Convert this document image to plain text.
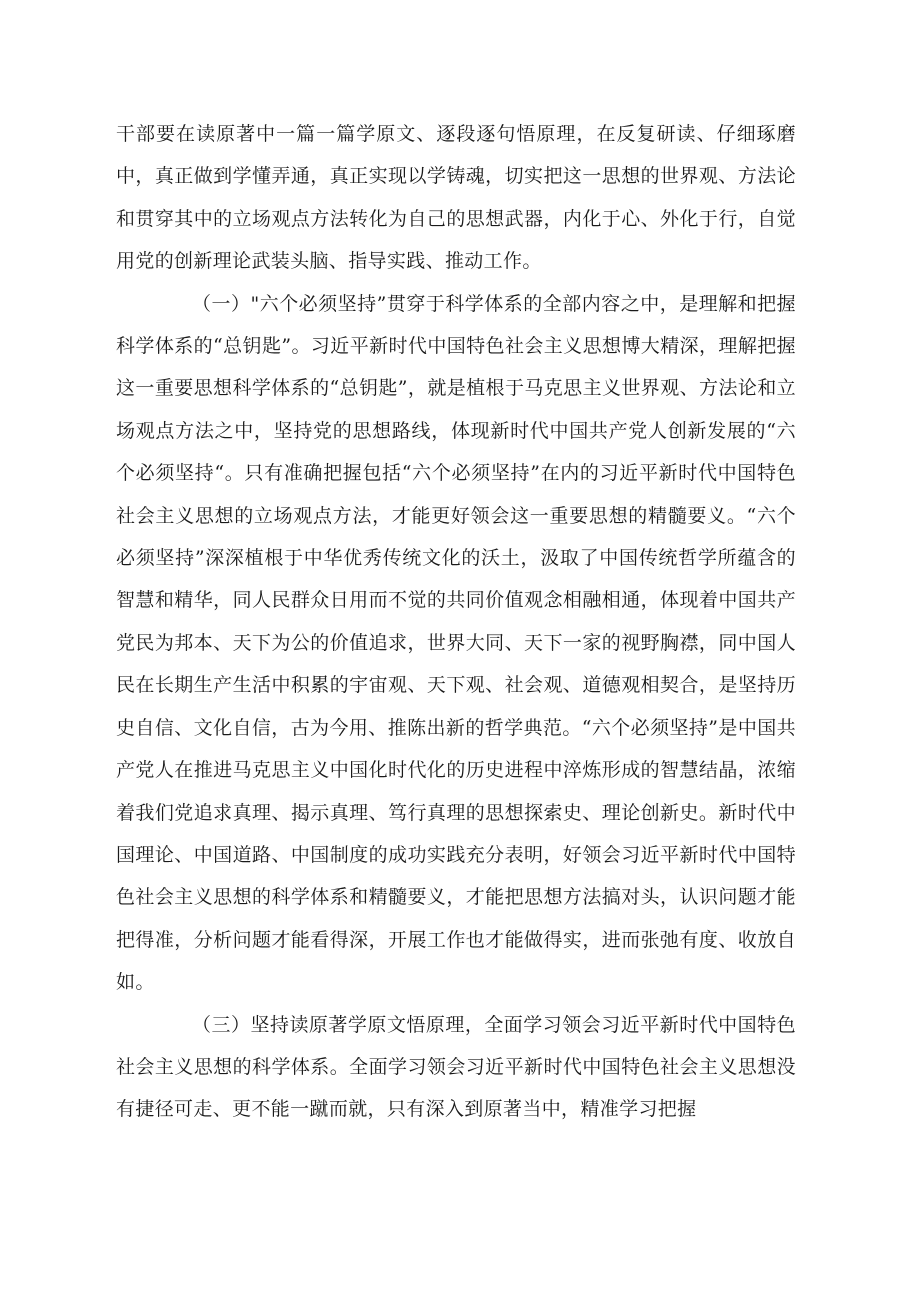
干部要在读原著中一篇一篇学原文、逐段逐句悟原理，在反复研读、仔细琢磨中，真正做到学懂弄通，真正实现以学铸魂，切实把这一思想的世界观、方法论和贯穿其中的立场观点方法转化为自己的思想武器，内化于心、外化于行，自觉用党的创新理论武装头脑、指导实践、推动工作。

（一）"六个必须坚持”贯穿于科学体系的全部内容之中，是理解和把握科学体系的“总钥匙”。习近平新时代中国特色社会主义思想博大精深，理解把握这一重要思想科学体系的“总钥匙”，就是植根于马克思主义世界观、方法论和立场观点方法之中，坚持党的思想路线，体现新时代中国共产党人创新发展的“六个必须坚持“。只有准确把握包括“六个必须坚持”在内的习近平新时代中国特色社会主义思想的立场观点方法，才能更好领会这一重要思想的精髓要义。“六个必须坚持”深深植根于中华优秀传统文化的沃土，汲取了中国传统哲学所蕴含的智慧和精华，同人民群众日用而不觉的共同价值观念相融相通，体现着中国共产党民为邦本、天下为公的价值追求，世界大同、天下一家的视野胸襟，同中国人民在长期生产生活中积累的宇宙观、天下观、社会观、道德观相契合，是坚持历史自信、文化自信，古为今用、推陈出新的哲学典范。“六个必须坚持”是中国共产党人在推进马克思主义中国化时代化的历史进程中淬炼形成的智慧结晶，浓缩着我们党追求真理、揭示真理、笃行真理的思想探索史、理论创新史。新时代中国理论、中国道路、中国制度的成功实践充分表明，好领会习近平新时代中国特色社会主义思想的科学体系和精髓要义，才能把思想方法搞对头，认识问题才能把得准，分析问题才能看得深，开展工作也才能做得实，进而张弛有度、收放自如。

（三）坚持读原著学原文悟原理，全面学习领会习近平新时代中国特色社会主义思想的科学体系。全面学习领会习近平新时代中国特色社会主义思想没有捷径可走、更不能一蹴而就，只有深入到原著当中，精准学习把握
